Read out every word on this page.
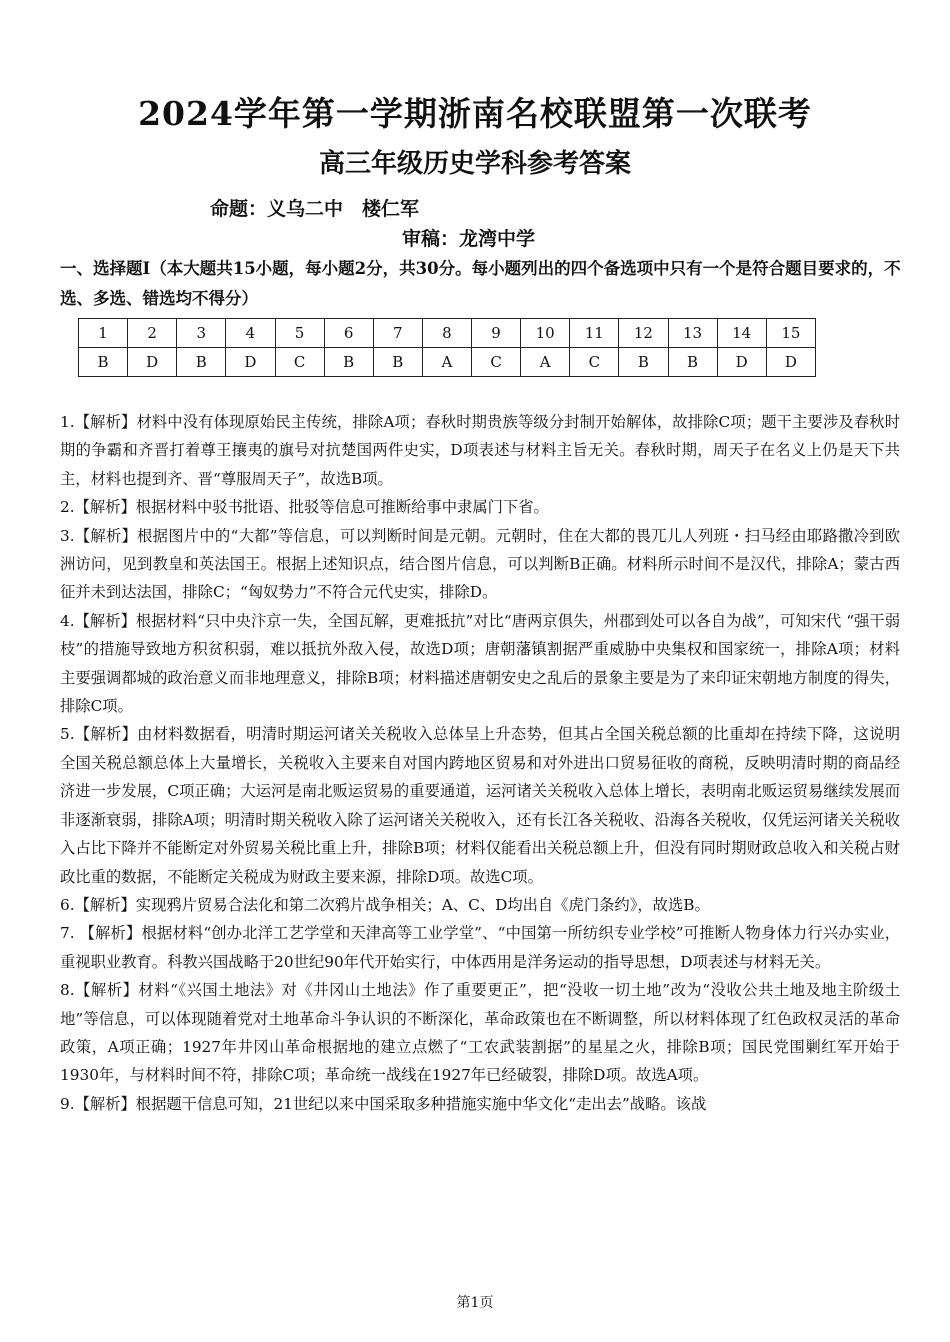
2024学年第一学期浙南名校联盟第一次联考
高三年级历史学科参考答案
命题：义乌二中　楼仁军
审稿：龙湾中学
一、选择题Ⅰ（本大题共15小题，每小题2分，共30分。每小题列出的四个备选项中只有一个是符合题目要求的，不选、多选、错选均不得分）
1	2	3	4	5	6	7	8	9	10	11	12	13	14	15
B	D	B	D	C	B	B	A	C	A	C	B	B	D	D

1.【解析】材料中没有体现原始民主传统，排除A项；春秋时期贵族等级分封制开始解体，故排除C项；题干主要涉及春秋时期的争霸和齐晋打着尊王攘夷的旗号对抗楚国两件史实，D项表述与材料主旨无关。春秋时期，周天子在名义上仍是天下共主，材料也提到齐、晋“尊服周天子”，故选B项。

2.【解析】根据材料中驳书批语、批驳等信息可推断给事中隶属门下省。

3.【解析】根据图片中的“大都”等信息，可以判断时间是元朝。元朝时，住在大都的畏兀儿人列班・扫马经由耶路撒冷到欧洲访问，见到教皇和英法国王。根据上述知识点，结合图片信息，可以判断B正确。材料所示时间不是汉代，排除A；蒙古西征并未到达法国，排除C；“匈奴势力”不符合元代史实，排除D。

4.【解析】根据材料“只中央汴京一失，全国瓦解，更难抵抗”对比“唐两京俱失，州郡到处可以各自为战”，可知宋代 “强干弱枝”的措施导致地方积贫积弱，难以抵抗外敌入侵，故选D项；唐朝藩镇割据严重威胁中央集权和国家统一，排除A项；材料主要强调都城的政治意义而非地理意义，排除B项；材料描述唐朝安史之乱后的景象主要是为了来印证宋朝地方制度的得失，排除C项。

5.【解析】由材料数据看，明清时期运河诸关关税收入总体呈上升态势，但其占全国关税总额的比重却在持续下降，这说明全国关税总额总体上大量增长，关税收入主要来自对国内跨地区贸易和对外进出口贸易征收的商税，反映明清时期的商品经济进一步发展，C项正确；大运河是南北贩运贸易的重要通道，运河诸关关税收入总体上增长，表明南北贩运贸易继续发展而非逐渐衰弱，排除A项；明清时期关税收入除了运河诸关关税收入，还有长江各关税收、沿海各关税收，仅凭运河诸关关税收入占比下降并不能断定对外贸易关税比重上升，排除B项；材料仅能看出关税总额上升，但没有同时期财政总收入和关税占财政比重的数据，不能断定关税成为财政主要来源，排除D项。故选C项。

6.【解析】实现鸦片贸易合法化和第二次鸦片战争相关；A、C、D均出自《虎门条约》，故选B。

7. 【解析】根据材料“创办北洋工艺学堂和天津高等工业学堂”、“中国第一所纺织专业学校”可推断人物身体力行兴办实业，重视职业教育。科教兴国战略于20世纪90年代开始实行，中体西用是洋务运动的指导思想，D项表述与材料无关。

8.【解析】材料“《兴国土地法》对《井冈山土地法》作了重要更正”，把“没收一切土地”改为“没收公共土地及地主阶级土地”等信息，可以体现随着党对土地革命斗争认识的不断深化，革命政策也在不断调整，所以材料体现了红色政权灵活的革命政策，A项正确；1927年井冈山革命根据地的建立点燃了“工农武装割据”的星星之火，排除B项；国民党围剿红军开始于1930年，与材料时间不符，排除C项；革命统一战线在1927年已经破裂，排除D项。故选A项。

9.【解析】根据题干信息可知，21世纪以来中国采取多种措施实施中华文化“走出去”战略。该战

第1页
